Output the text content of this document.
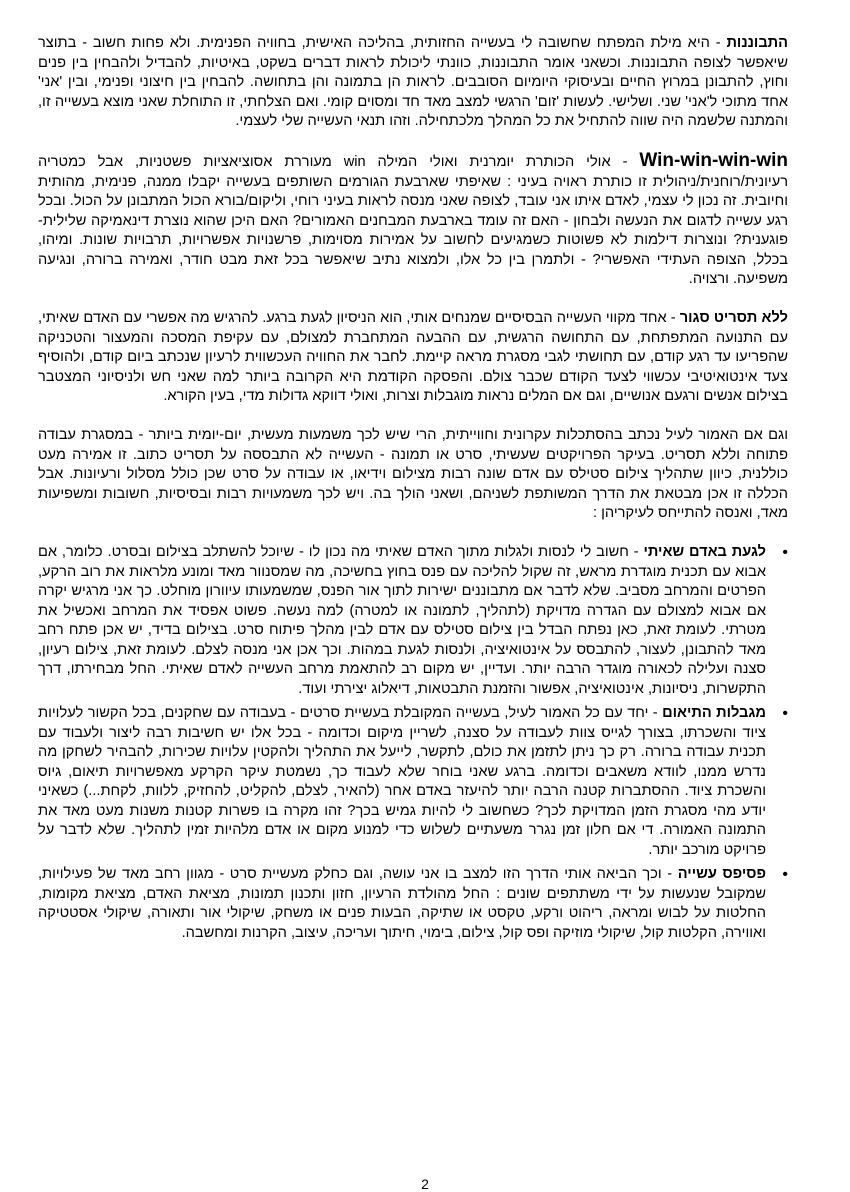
התבוננות - היא מילת המפתח שחשובה לי בעשייה החזותית, בהליכה האישית, בחוויה הפנימית. ולא פחות חשוב - בתוצר שיאפשר לצופה התבוננות. וכשאני אומר התבוננות, כוונתי ליכולת לראות דברים בשקט, באיטיות, להבדיל ולהבחין בין פנים וחוץ, להתבונן במרוץ החיים ובעיסוקי היומיום הסובבים. לראות הן בתמונה והן בתחושה. להבחין בין חיצוני ופנימי, ובין 'אני' אחד מתוכי ל'אני' שני. ושלישי. לעשות 'זום' הרגשי למצב מאד חד ומסוים קומי. ואם הצלחתי, זו התוחלת שאני מוצא בעשייה זו, והמתנה שלשמה היה שווה להתחיל את כל המהלך מלכתחילה. וזהו תנאי העשייה שלי לעצמי.

Win-win-win-win - אולי הכותרת יומרנית ואולי המילה win מעוררת אסוציאציות פשטניות, אבל כמטריה רעיונית/רוחנית/ניהולית זו כותרת ראויה בעיני : שאיפתי שארבעת הגורמים השותפים בעשייה יקבלו ממנה, פנימית, מהותית וחיובית. זה נכון לי עצמי, לאדם איתו אני עובד, לצופה שאני מנסה לראות בעיני רוחי, וליקום/בורא הכול המתבונן על הכול. ובכל רגע עשייה לדגום את הנעשה ולבחון - האם זה עומד בארבעת המבחנים האמורים? האם היכן שהוא נוצרת דינאמיקה שלילית- פוגענית? ונוצרות דילמות לא פשוטות כשמגיעים לחשוב על אמירות מסוימות, פרשנויות אפשרויות, תרבויות שונות. ומיהו, בכלל, הצופה העתידי האפשרי? - ולתמרן בין כל אלו, ולמצוא נתיב שיאפשר בכל זאת מבט חודר, ואמירה ברורה, ונגיעה משפיעה. ורצויה.

ללא תסריט סגור - אחד מקווי העשייה הבסיסיים שמנחים אותי, הוא הניסיון לגעת ברגע. להרגיש מה אפשרי עם האדם שאיתי, עם התנועה המתפתחת, עם התחושה הרגשית, עם ההבעה המתחברת למצולם, עם עקיפת המסכה והמעצור והטכניקה שהפריעו עד רגע קודם, עם תחושתי לגבי מסגרת מראה קיימת. לחבר את החוויה העכשווית לרעיון שנכתב ביום קודם, ולהוסיף צעד אינטואיטיבי עכשווי לצעד הקודם שכבר צולם. והפסקה הקודמת היא הקרובה ביותר למה שאני חש ולניסיוני המצטבר בצילום אנשים ורגעם אנושיים, וגם אם המלים נראות מוגבלות וצרות, ואולי דווקא גדולות מדי, בעין הקורא.

וגם אם האמור לעיל נכתב בהסתכלות עקרונית וחווייתית, הרי שיש לכך משמעות מעשית, יום-יומית ביותר - במסגרת עבודה פתוחה וללא תסריט. בעיקר הפרויקטים שעשיתי, סרט או תמונה - העשייה לא התבססה על תסריט כתוב. זו אמירה מעט כוללנית, כיוון שתהליך צילום סטילס עם אדם שונה רבות מצילום וידיאו, או עבודה על סרט שכן כולל מסלול ורעיונות. אבל הכללה זו אכן מבטאת את הדרך המשותפת לשניהם, ושאני הולך בה. ויש לכך משמעויות רבות ובסיסיות, חשובות ומשפיעות מאד, ואנסה להתייחס לעיקריהן :

•
לגעת באדם שאיתי - חשוב לי לנסות ולגלות מתוך האדם שאיתי מה נכון לו - שיוכל להשתלב בצילום ובסרט. כלומר, אם אבוא עם תכנית מוגדרת מראש, זה שקול להליכה עם פנס בחוץ בחשיכה, מה שמסנוור מאד ומונע מלראות את רוב הרקע, הפרטים והמרחב מסביב. שלא לדבר אם מתבוננים ישירות לתוך אור הפנס, שמשמעותו עיוורון מוחלט. כך אני מרגיש יקרה אם אבוא למצולם עם הגדרה מדויקת (לתהליך, לתמונה או למטרה) למה נעשה. פשוט אפסיד את המרחב ואכשיל את מטרתי. לעומת זאת, כאן נפתח הבדל בין צילום סטילס עם אדם לבין מהלך פיתוח סרט. בצילום בדיד, יש אכן פתח רחב מאד להתבונן, לעצור, להתבסס על אינטואיציה, ולנסות לגעת במהות. וכך אכן אני מנסה לצלם. לעומת זאת, צילום רעיון, סצנה ועלילה לכאורה מוגדר הרבה יותר. ועדיין, יש מקום רב להתאמת מרחב העשייה לאדם שאיתי. החל מבחירתו, דרך התקשרות, ניסיונות, אינטואיציה, אפשור והזמנת התבטאות, דיאלוג יצירתי ועוד.
•
מגבלות התיאום - יחד עם כל האמור לעיל, בעשייה המקובלת בעשיית סרטים - בעבודה עם שחקנים, בכל הקשור לעלויות ציוד והשכרתו, בצורך לגייס צוות לעבודה על סצנה, לשריין מיקום וכדומה - בכל אלו יש חשיבות רבה ליצור ולעבוד עם תכנית עבודה ברורה. רק כך ניתן לתזמן את כולם, לתקשר, לייעל את התהליך ולהקטין עלויות שכירות, להבהיר לשחקן מה נדרש ממנו, לוודא משאבים וכדומה. ברגע שאני בוחר שלא לעבוד כך, נשמטת עיקר הקרקע מאפשרויות תיאום, גיוס והשכרת ציוד. ההסתברות קטנה הרבה יותר להיעזר באדם אחר (להאיר, לצלם, להקליט, להחזיק, ללוות, לקחת...) כשאיני יודע מהי מסגרת הזמן המדויקת לכך? כשחשוב לי להיות גמיש בכך? זהו מקרה בו פשרות קטנות משנות מעט מאד את התמונה האמורה. די אם חלון זמן נגרר משעתיים לשלוש כדי למנוע מקום או אדם מלהיות זמין לתהליך. שלא לדבר על פרויקט מורכב יותר.
•
פסיפס עשייה - וכך הביאה אותי הדרך הזו למצב בו אני עושה, וגם כחלק מעשיית סרט - מגוון רחב מאד של פעילויות, שמקובל שנעשות על ידי משתתפים שונים : החל מהולדת הרעיון, חזון ותכנון תמונות, מציאת האדם, מציאת מקומות, החלטות על לבוש ומראה, ריהוט ורקע, טקסט או שתיקה, הבעות פנים או משחק, שיקולי אור ותאורה, שיקולי אסטטיקה ואווירה, הקלטות קול, שיקולי מוזיקה ופס קול, צילום, בימוי, חיתוך ועריכה, עיצוב, הקרנות ומחשבה.
2
